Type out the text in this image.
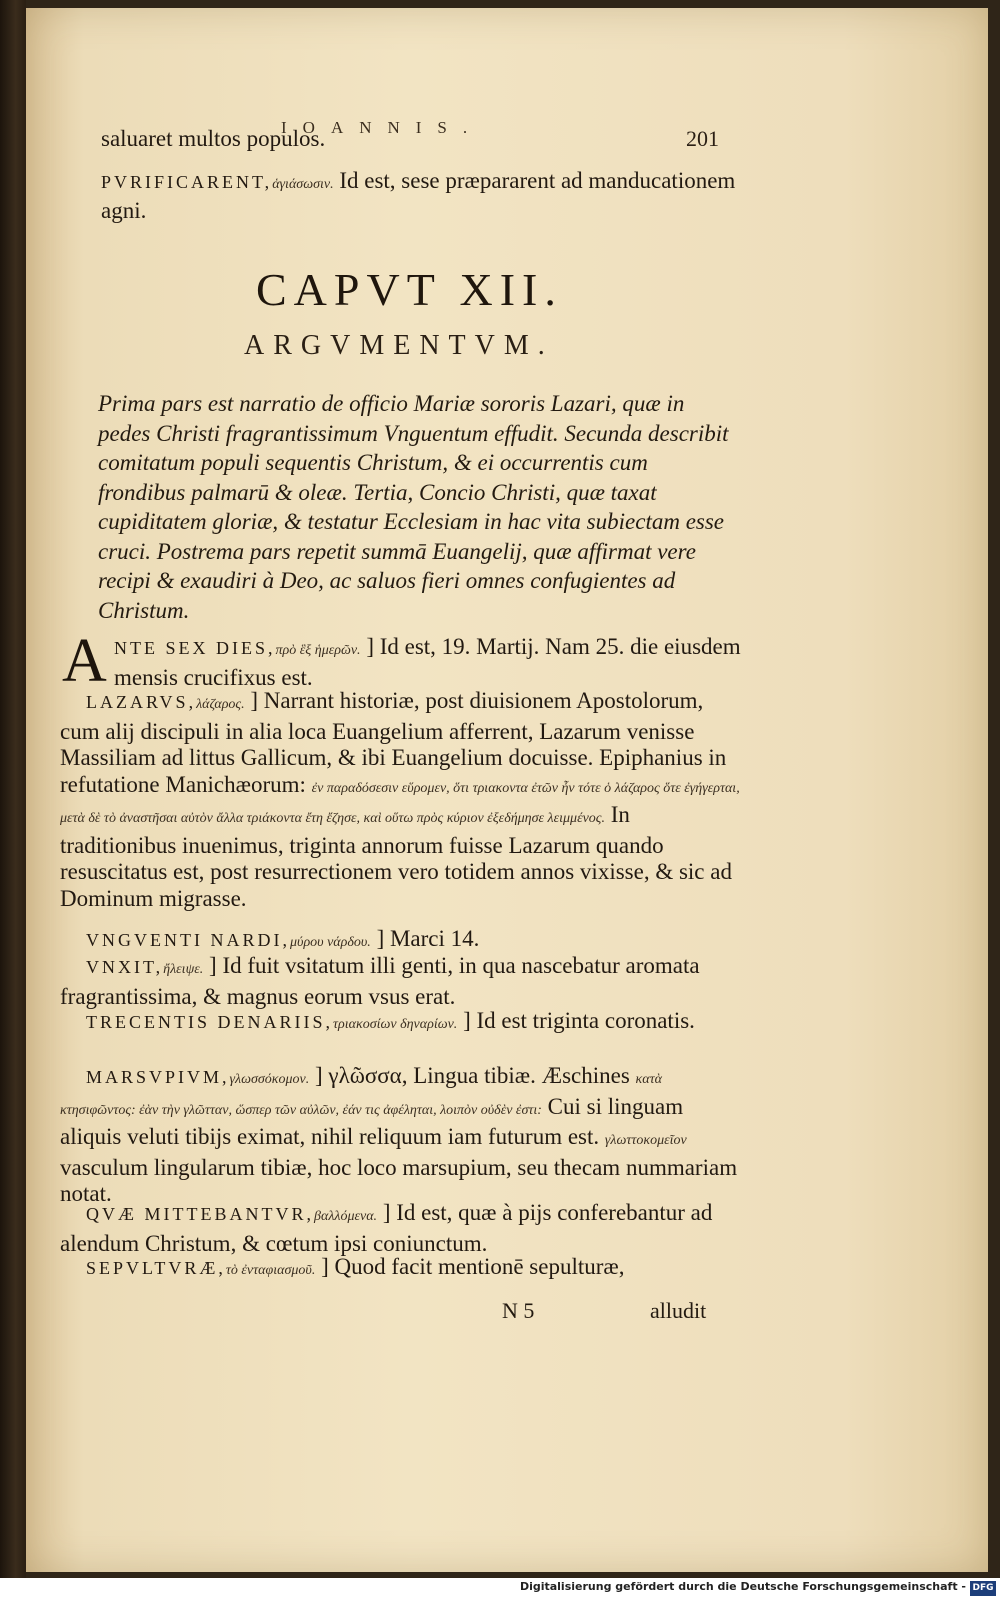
IOANNIS.	201

saluaret multos populos.

PVRIFICARENT,ἁγιάσωσιν. Id est, sese præpararent ad manducationem agni.

CAPVT XII.
ARGVMENTVM.

Prima pars est narratio de officio Mariæ sororis Lazari, quæ in pedes Christi fragrantissimum Vnguentum effudit. Secunda describit comitatum populi sequentis Christum, & ei occurrentis cum frondibus palmarū & oleæ. Tertia, Concio Christi, quæ taxat cupiditatem gloriæ, & testatur Ecclesiam in hac vita subiectam esse cruci. Postrema pars repetit summā Euangelij, quæ affirmat vere recipi & exaudiri à Deo, ac saluos fieri omnes confugientes ad Christum.

A NTE SEX DIES,πρὸ ἓξ ἡμερῶν. ] Id est, 19. Martij. Nam 25. die eiusdem mensis crucifixus est.

LAZARVS,λάζαρος. ] Narrant historiæ, post diuisionem Apostolorum, cum alij discipuli in alia loca Euangelium afferrent, Lazarum venisse Massiliam ad littus Gallicum, & ibi Euangelium docuisse. Epiphanius in refutatione Manichæorum: ἐν παραδόσεσιν εὕρομεν, ὅτι τριακοντα ἐτῶν ἦν τότε ὁ λάζαρος ὅτε ἐγήγερται, μετὰ δὲ τὸ ἀναστῆσαι αὐτὸν ἄλλα τριάκοντα ἔτη ἔζησε, καὶ οὕτω πρὸς κύριον ἐξεδήμησε λειμμένος. In traditionibus inuenimus, triginta annorum fuisse Lazarum quando resuscitatus est, post resurrectionem vero totidem annos vixisse, & sic ad Dominum migrasse.

VNGVENTI NARDI,μύρου νάρδου. ] Marci 14.

VNXIT,ἤλειψε. ] Id fuit vsitatum illi genti, in qua nascebatur aromata fragrantissima, & magnus eorum vsus erat.

TRECENTIS DENARIIS,τριακοσίων δηναρίων. ] Id est triginta coronatis.

MARSVPIVM,γλωσσόκομον. ] γλῶσσα, Lingua tibiæ. Æschines κατὰ κτησιφῶντος: ἐὰν τὴν γλῶτταν, ὥσπερ τῶν αὐλῶν, ἐάν τις ἀφέληται, λοιπὸν οὐδὲν ἐστι: Cui si linguam aliquis veluti tibijs eximat, nihil reliquum iam futurum est. γλωττοκομεῖον vasculum lingularum tibiæ, hoc loco marsupium, seu thecam nummariam notat.

QVÆ MITTEBANTVR,βαλλόμενα. ] Id est, quæ à pijs conferebantur ad alendum Christum, & cœtum ipsi coniunctum.

SEPVLTVRÆ,τὸ ἐνταφιασμοῦ. ] Quod facit mentionē sepulturæ,

N 5	alludit
Digitalisierung gefördert durch die Deutsche Forschungsgemeinschaft - DFG
